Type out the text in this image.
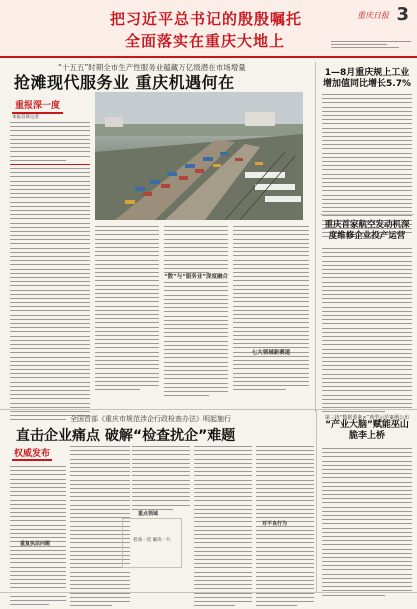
把习近平总书记的殷殷嘱托
全面落实在重庆大地上
重庆日报 3
“十五五”时期全市生产性服务业蕴藏万亿级潜在市场增量
抢滩现代服务业 重庆机遇何在
重报深一度
本报首席记者
“数”与“服务业”深度融合
七大领域新赛道
1—8月重庆规上工业增加值同比增长5.7%
重庆首家航空发动机深度维修企业投产运营
第三批“数据要素×”典型示范案例公布
“产业大脑”赋能巫山脆李上桥
全国首部《重庆市规范涉企行政检查办法》明起施行
直击企业痛点 破解“检查扰企”难题
权威发布
重复执法问题
重点领域
检查一次 解决一片
对不良行为
